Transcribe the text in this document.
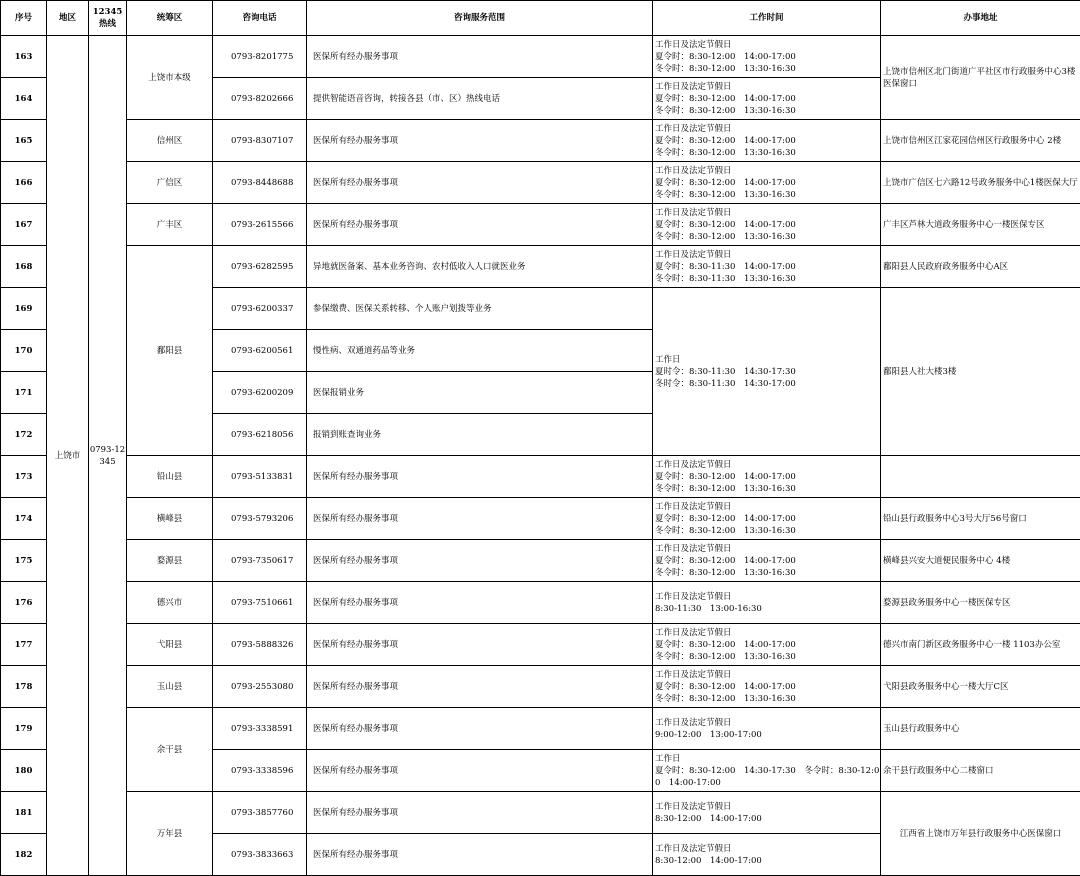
序号	地区	12345热线	统筹区	咨询电话	咨询服务范围	工作时间	办事地址
163	上饶市	0793-12345	上饶市本级	0793-8201775	医保所有经办服务事项	工作日及法定节假日
夏令时：8:30-12:00　14:00-17:00
冬令时：8:30-12:00　13:30-16:30	上饶市信州区北门街道广平社区市行政服务中心3楼医保窗口
164				0793-8202666	提供智能语音咨询，转接各县（市、区）热线电话	工作日及法定节假日
夏令时：8:30-12:00　14:00-17:00
冬令时：8:30-12:00　13:30-16:30	
165			信州区	0793-8307107	医保所有经办服务事项	工作日及法定节假日
夏令时：8:30-12:00　14:00-17:00
冬令时：8:30-12:00　13:30-16:30	上饶市信州区江家花园信州区行政服务中心 2楼
166			广信区	0793-8448688	医保所有经办服务事项	工作日及法定节假日
夏令时：8:30-12:00　14:00-17:00
冬令时：8:30-12:00　13:30-16:30	上饶市广信区七六路12号政务服务中心1楼医保大厅
167			广丰区	0793-2615566	医保所有经办服务事项	工作日及法定节假日
夏令时：8:30-12:00　14:00-17:00
冬令时：8:30-12:00　13:30-16:30	广丰区芦林大道政务服务中心一楼医保专区
168			鄱阳县	0793-6282595	异地就医备案、基本业务咨询、农村低收入人口就医业务	工作日及法定节假日
夏令时：8:30-11:30　14:00-17:00
冬令时：8:30-11:30　13:30-16:30	鄱阳县人民政府政务服务中心A区
169				0793-6200337	参保缴费、医保关系转移、个人账户划拨等业务	工作日
夏时令：8:30-11:30　14:30-17:30
冬时令：8:30-11:30　14:30-17:00	鄱阳县人社大楼3楼
170				0793-6200561	慢性病、双通道药品等业务		
171				0793-6200209	医保报销业务		
172				0793-6218056	报销到账查询业务		
173			铅山县	0793-5133831	医保所有经办服务事项	工作日及法定节假日
夏令时：8:30-12:00　14:00-17:00
冬令时：8:30-12:00　13:30-16:30	
174			横峰县	0793-5793206	医保所有经办服务事项	工作日及法定节假日
夏令时：8:30-12:00　14:00-17:00
冬令时：8:30-12:00　13:30-16:30	铅山县行政服务中心3号大厅56号窗口
175			婺源县	0793-7350617	医保所有经办服务事项	工作日及法定节假日
夏令时：8:30-12:00　14:00-17:00
冬令时：8:30-12:00　13:30-16:30	横峰县兴安大道便民服务中心 4楼
176			德兴市	0793-7510661	医保所有经办服务事项	工作日及法定节假日
8:30-11:30　13:00-16:30	婺源县政务服务中心一楼医保专区
177			弋阳县	0793-5888326	医保所有经办服务事项	工作日及法定节假日
夏令时：8:30-12:00　14:00-17:00
冬令时：8:30-12:00　13:30-16:30	德兴市南门新区政务服务中心一楼 1103办公室
178			玉山县	0793-2553080	医保所有经办服务事项	工作日及法定节假日
夏令时：8:30-12:00　14:00-17:00
冬令时：8:30-12:00　13:30-16:30	弋阳县政务服务中心一楼大厅C区
179			余干县	0793-3338591	医保所有经办服务事项	工作日及法定节假日
9:00-12:00　13:00-17:00	玉山县行政服务中心
180				0793-3338596	医保所有经办服务事项	工作日
夏令时：8:30-12:00　14:30-17:30　冬令时：8:30-12:00　14:00-17:00	余干县行政服务中心二楼窗口
181			万年县	0793-3857760	医保所有经办服务事项	工作日及法定节假日
8:30-12:00　14:00-17:00	江西省上饶市万年县行政服务中心医保窗口
182				0793-3833663	医保所有经办服务事项	工作日及法定节假日
8:30-12:00　14:00-17:00	
